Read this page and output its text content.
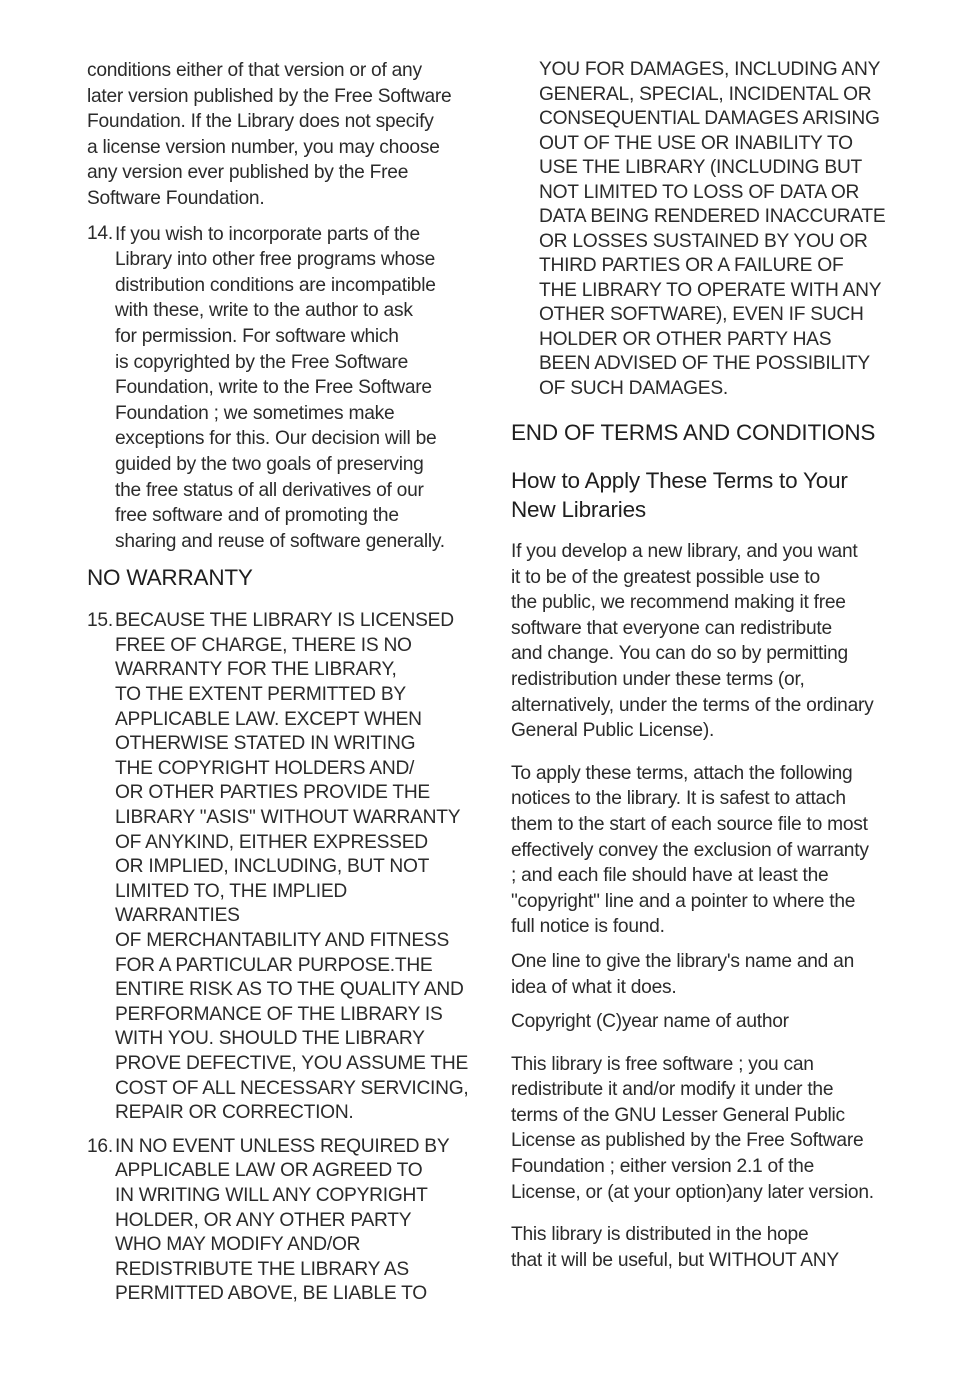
conditions either of that version or of any
later version published by the Free Software
Foundation. If the Library does not specify
a license version number, you may choose
any version ever published by the Free
Software Foundation.

14. If you wish to incorporate parts of the
Library into other free programs whose
distribution conditions are incompatible
with these, write to the author to ask
for permission. For software which
is copyrighted by the Free Software
Foundation, write to the Free Software
Foundation ; we sometimes make
exceptions for this. Our decision will be
guided by the two goals of preserving
the free status of all derivatives of our
free software and of promoting the
sharing and reuse of software generally.
NO WARRANTY
15. BECAUSE THE LIBRARY IS LICENSED
FREE OF CHARGE, THERE IS NO
WARRANTY FOR THE LIBRARY,
TO THE EXTENT PERMITTED BY
APPLICABLE LAW. EXCEPT WHEN
OTHERWISE STATED IN WRITING
THE COPYRIGHT HOLDERS AND/
OR OTHER PARTIES PROVIDE THE
LIBRARY "ASIS" WITHOUT WARRANTY
OF ANYKIND, EITHER EXPRESSED
OR IMPLIED, INCLUDING, BUT NOT
LIMITED TO, THE IMPLIED WARRANTIES
OF MERCHANTABILITY AND FITNESS
FOR A PARTICULAR PURPOSE.THE
ENTIRE RISK AS TO THE QUALITY AND
PERFORMANCE OF THE LIBRARY IS
WITH YOU. SHOULD THE LIBRARY
PROVE DEFECTIVE, YOU ASSUME THE
COST OF ALL NECESSARY SERVICING,
REPAIR OR CORRECTION.
16. IN NO EVENT UNLESS REQUIRED BY
APPLICABLE LAW OR AGREED TO
IN WRITING WILL ANY COPYRIGHT
HOLDER, OR ANY OTHER PARTY
WHO MAY MODIFY AND/OR
REDISTRIBUTE THE LIBRARY AS
PERMITTED ABOVE, BE LIABLE TO

YOU FOR DAMAGES, INCLUDING ANY
GENERAL, SPECIAL, INCIDENTAL OR
CONSEQUENTIAL DAMAGES ARISING
OUT OF THE USE OR INABILITY TO
USE THE LIBRARY (INCLUDING BUT
NOT LIMITED TO LOSS OF DATA OR
DATA BEING RENDERED INACCURATE
OR LOSSES SUSTAINED BY YOU OR
THIRD PARTIES OR A FAILURE OF
THE LIBRARY TO OPERATE WITH ANY
OTHER SOFTWARE), EVEN IF SUCH
HOLDER OR OTHER PARTY HAS
BEEN ADVISED OF THE POSSIBILITY
OF SUCH DAMAGES.

END OF TERMS AND CONDITIONS
How to Apply These Terms to Your
New Libraries

If you develop a new library, and you want
it to be of the greatest possible use to
the public, we recommend making it free
software that everyone can redistribute
and change. You can do so by permitting
redistribution under these terms (or,
alternatively, under the terms of the ordinary
General Public License).

To apply these terms, attach the following
notices to the library. It is safest to attach
them to the start of each source file to most
effectively convey the exclusion of warranty
; and each file should have at least the
"copyright" line and a pointer to where the
full notice is found.

One line to give the library's name and an
idea of what it does.

Copyright (C)year name of author

This library is free software ; you can
redistribute it and/or modify it under the
terms of the GNU Lesser General Public
License as published by the Free Software
Foundation ; either version 2.1 of the
License, or (at your option)any later version.

This library is distributed in the hope
that it will be useful, but WITHOUT ANY
